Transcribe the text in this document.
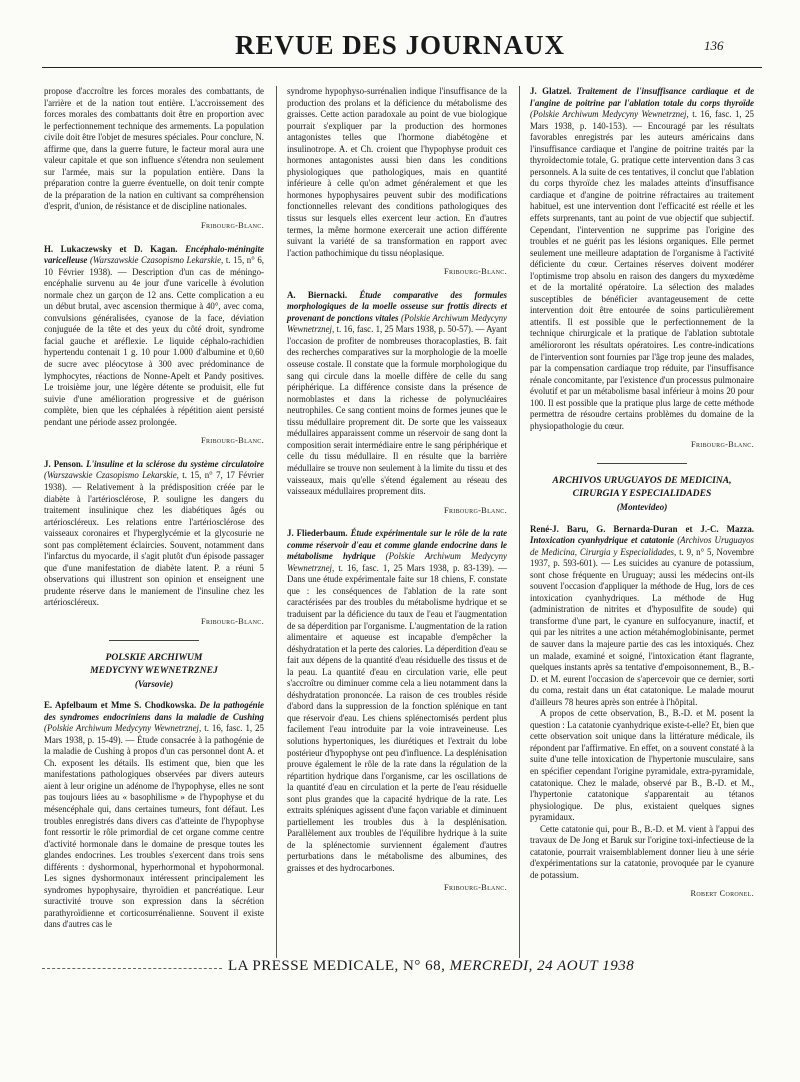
REVUE DES JOURNAUX	136

propose d'accroître les forces morales des combattants, de l'arrière et de la nation tout entière. L'accroissement des forces morales des combattants doit être en proportion avec le perfectionnement technique des armements. La population civile doit être l'objet de mesures spéciales. Pour conclure, N. affirme que, dans la guerre future, le facteur moral aura une valeur capitale et que son influence s'étendra non seulement sur l'armée, mais sur la population entière. Dans la préparation contre la guerre éventuelle, on doit tenir compte de la préparation de la nation en cultivant sa compréhension d'esprit, d'union, de résistance et de discipline nationales.

Fribourg-Blanc.

H. Lukaczewsky et D. Kagan. Encéphalo-méningite varicelleuse (Warszawskie Czasopismo Lekarskie, t. 15, n° 6, 10 Février 1938). — Description d'un cas de méningo-encéphalie survenu au 4e jour d'une varicelle à évolution normale chez un garçon de 12 ans. Cette complication a eu un début brutal, avec ascension thermique à 40°, avec coma, convulsions généralisées, cyanose de la face, déviation conjuguée de la tête et des yeux du côté droit, syndrome facial gauche et aréflexie. Le liquide céphalo-rachidien hypertendu contenait 1 g. 10 pour 1.000 d'albumine et 0,60 de sucre avec pléocytose à 300 avec prédominance de lymphocytes, réactions de Nonne-Apelt et Pandy positives. Le troisième jour, une légère détente se produisit, elle fut suivie d'une amélioration progressive et de guérison complète, bien que les céphalées à répétition aient persisté pendant une période assez prolongée.

Fribourg-Blanc.

J. Penson. L'insuline et la sclérose du système circulatoire (Warszawskie Czasopismo Lekarskie, t. 15, n° 7, 17 Février 1938). — Relativement à la prédisposition créée par le diabète à l'artériosclérose, P. souligne les dangers du traitement insulinique chez les diabétiques âgés ou artérioscléreux. Les relations entre l'artériosclérose des vaisseaux coronaires et l'hyperglycémie et la glycosurie ne sont pas complètement éclaircies. Souvent, notamment dans l'infarctus du myocarde, il s'agit plutôt d'un épisode passager que d'une manifestation de diabète latent. P. a réuni 5 observations qui illustrent son opinion et enseignent une prudente réserve dans le maniement de l'insuline chez les artérioscléreux.

Fribourg-Blanc.
POLSKIE ARCHIWUM
MEDYCYNY WEWNETRZNEJ
(Varsovie)

E. Apfelbaum et Mme S. Chodkowska. De la pathogénie des syndromes endocriniens dans la maladie de Cushing (Polskie Archiwum Medycyny Wewnetrznej, t. 16, fasc. 1, 25 Mars 1938, p. 15-49). — Étude consacrée à la pathogénie de la maladie de Cushing à propos d'un cas personnel dont A. et Ch. exposent les détails. Ils estiment que, bien que les manifestations pathologiques observées par divers auteurs aient à leur origine un adénome de l'hypophyse, elles ne sont pas toujours liées au « basophilisme » de l'hypophyse et du mésencéphale qui, dans certaines tumeurs, font défaut. Les troubles enregistrés dans divers cas d'atteinte de l'hypophyse font ressortir le rôle primordial de cet organe comme centre d'activité hormonale dans le domaine de presque toutes les glandes endocrines. Les troubles s'exercent dans trois sens différents : dyshormonal, hyperhormonal et hypohormonal. Les signes dyshormonaux intéressent principalement les syndromes hypophysaire, thyroïdien et pancréatique. Leur suractivité trouve son expression dans la sécrétion parathyroïdienne et corticosurrénalienne. Souvent il existe dans d'autres cas le

syndrome hypophyso-surrénalien indique l'insuffisance de la production des prolans et la déficience du métabolisme des graisses. Cette action paradoxale au point de vue biologique pourrait s'expliquer par la production des hormones antagonistes telles que l'hormone diabétogène et insulinotrope. A. et Ch. croient que l'hypophyse produit ces hormones antagonistes aussi bien dans les conditions physiologiques que pathologiques, mais en quantité inférieure à celle qu'on admet généralement et que les hormones hypophysaires peuvent subir des modifications fonctionnelles relevant des conditions pathologiques des tissus sur lesquels elles exercent leur action. En d'autres termes, la même hormone exercerait une action différente suivant la variété de sa transformation en rapport avec l'action pathochimique du tissu néoplasique.

Fribourg-Blanc.

A. Biernacki. Étude comparative des formules morphologiques de la moelle osseuse sur frottis directs et provenant de ponctions vitales (Polskie Archiwum Medycyny Wewnetrznej, t. 16, fasc. 1, 25 Mars 1938, p. 50-57). — Ayant l'occasion de profiter de nombreuses thoracoplasties, B. fait des recherches comparatives sur la morphologie de la moelle osseuse costale. Il constate que la formule morphologique du sang qui circule dans la moelle diffère de celle du sang périphérique. La différence consiste dans la présence de normoblastes et dans la richesse de polynucléaires neutrophiles. Ce sang contient moins de formes jeunes que le tissu médullaire proprement dit. De sorte que les vaisseaux médullaires apparaissent comme un réservoir de sang dont la composition serait intermédiaire entre le sang périphérique et celle du tissu médullaire. Il en résulte que la barrière médullaire se trouve non seulement à la limite du tissu et des vaisseaux, mais qu'elle s'étend également au réseau des vaisseaux médullaires proprement dits.

Fribourg-Blanc.

J. Fliederbaum. Étude expérimentale sur le rôle de la rate comme réservoir d'eau et comme glande endocrine dans le métabolisme hydrique (Polskie Archiwum Medycyny Wewnetrznej, t. 16, fasc. 1, 25 Mars 1938, p. 83-139). — Dans une étude expérimentale faite sur 18 chiens, F. constate que : les conséquences de l'ablation de la rate sont caractérisées par des troubles du métabolisme hydrique et se traduisent par la déficience du taux de l'eau et l'augmentation de sa déperdition par l'organisme. L'augmentation de la ration alimentaire et aqueuse est incapable d'empêcher la déshydratation et la perte des calories. La déperdition d'eau se fait aux dépens de la quantité d'eau résiduelle des tissus et de la peau. La quantité d'eau en circulation varie, elle peut s'accroître ou diminuer comme cela a lieu notamment dans la déshydratation prononcée. La raison de ces troubles réside d'abord dans la suppression de la fonction splénique en tant que réservoir d'eau. Les chiens splénectomisés perdent plus facilement l'eau introduite par la voie intraveineuse. Les solutions hypertoniques, les diurétiques et l'extrait du lobe postérieur d'hypophyse ont peu d'influence. La desplénisation prouve également le rôle de la rate dans la régulation de la répartition hydrique dans l'organisme, car les oscillations de la quantité d'eau en circulation et la perte de l'eau résiduelle sont plus grandes que la capacité hydrique de la rate. Les extraits spléniques agissent d'une façon variable et diminuent partiellement les troubles dus à la desplénisation. Parallèlement aux troubles de l'équilibre hydrique à la suite de la splénectomie surviennent également d'autres perturbations dans le métabolisme des albumines, des graisses et des hydrocarbones.

Fribourg-Blanc.

J. Glatzel. Traitement de l'insuffisance cardiaque et de l'angine de poitrine par l'ablation totale du corps thyroïde (Polskie Archiwum Medycyny Wewnetrznej, t. 16, fasc. 1, 25 Mars 1938, p. 140-153). — Encouragé par les résultats favorables enregistrés par les auteurs américains dans l'insuffisance cardiaque et l'angine de poitrine traités par la thyroïdectomie totale, G. pratique cette intervention dans 3 cas personnels. A la suite de ces tentatives, il conclut que l'ablation du corps thyroïde chez les malades atteints d'insuffisance cardiaque et d'angine de poitrine réfractaires au traitement habituel, est une intervention dont l'efficacité est réelle et les effets surprenants, tant au point de vue objectif que subjectif. Cependant, l'intervention ne supprime pas l'origine des troubles et ne guérit pas les lésions organiques. Elle permet seulement une meilleure adaptation de l'organisme à l'activité déficiente du cœur. Certaines réserves doivent modérer l'optimisme trop absolu en raison des dangers du myxœdème et de la mortalité opératoire. La sélection des malades susceptibles de bénéficier avantageusement de cette intervention doit être entourée de soins particulièrement attentifs. Il est possible que le perfectionnement de la technique chirurgicale et la pratique de l'ablation subtotale améliororont les résultats opératoires. Les contre-indications de l'intervention sont fournies par l'âge trop jeune des malades, par la compensation cardiaque trop réduite, par l'insuffisance rénale concomitante, par l'existence d'un processus pulmonaire évolutif et par un métabolisme basal inférieur à moins 20 pour 100. Il est possible que la pratique plus large de cette méthode permettra de résoudre certains problèmes du domaine de la physiopathologie du cœur.

Fribourg-Blanc.
ARCHIVOS URUGUAYOS DE MEDICINA,
CIRURGIA Y ESPECIALIDADES
(Montevideo)

René-J. Baru, G. Bernarda-Duran et J.-C. Mazza. Intoxication cyanhydrique et catatonie (Archivos Uruguayos de Medicina, Cirurgia y Especialidades, t. 9, n° 5, Novembre 1937, p. 593-601). — Les suicides au cyanure de potassium, sont chose fréquente en Uruguay; aussi les médecins ont-ils souvent l'occasion d'appliquer la méthode de Hug, lors de ces intoxication cyanhydriques. La méthode de Hug (administration de nitrites et d'hyposulfite de soude) qui transforme d'une part, le cyanure en sulfocyanure, inactif, et qui par les nitrites a une action métahémoglobinisante, permet de sauver dans la majeure partie des cas les intoxiqués. Chez un malade, examiné et soigné, l'intoxication étant flagrante, quelques instants après sa tentative d'empoisonnement, B., B.-D. et M. eurent l'occasion de s'apercevoir que ce dernier, sorti du coma, restait dans un état catatonique. Le malade mourut d'ailleurs 78 heures après son entrée à l'hôpital.

A propos de cette observation, B., B.-D. et M. posent la question : La catatonie cyanhydrique existe-t-elle? Et, bien que cette observation soit unique dans la littérature médicale, ils répondent par l'affirmative. En effet, on a souvent constaté à la suite d'une telle intoxication de l'hypertonie musculaire, sans en spécifier cependant l'origine pyramidale, extra-pyramidale, catatonique. Chez le malade, observé par B., B.-D. et M., l'hypertonie catatonique s'apparentait au tétanos physiologique. De plus, existaient quelques signes pyramidaux.

Cette catatonie qui, pour B., B.-D. et M. vient à l'appui des travaux de De Jong et Baruk sur l'origine toxi-infectieuse de la catatonie, pourrait vraisemblablement donner lieu à une série d'expérimentations sur la catatonie, provoquée par le cyanure de potassium.

Robert Coronel.
LA PRESSE MEDICALE, N° 68, MERCREDI, 24 AOUT 1938
